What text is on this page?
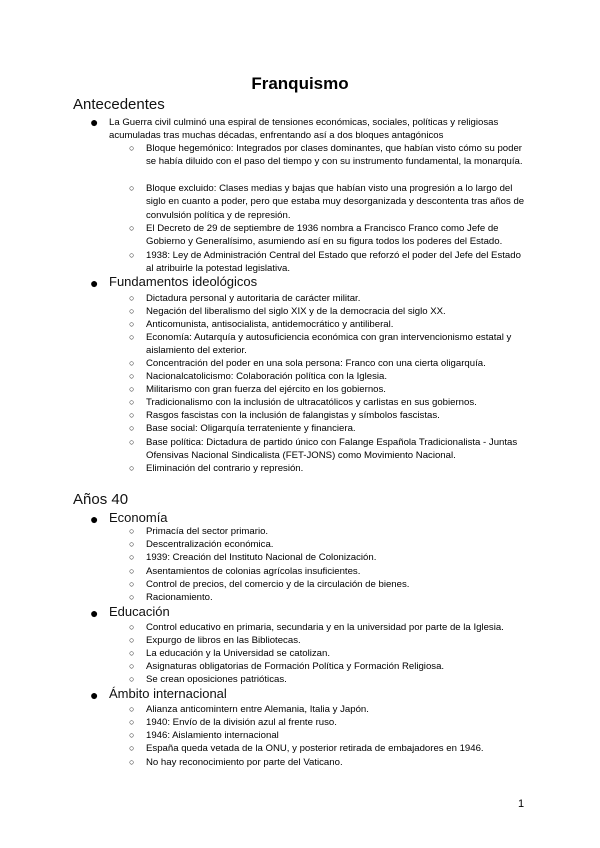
Franquismo
Antecedentes
● La Guerra civil culminó una espiral de tensiones económicas, sociales, políticas y religiosas acumuladas tras muchas décadas, enfrentando así a dos bloques antagónicos
○ Bloque hegemónico: Integrados por clases dominantes, que habían visto cómo su poder se había diluido con el paso del tiempo y con su instrumento fundamental, la monarquía.
○ Bloque excluido: Clases medias y bajas que habían visto una progresión a lo largo del siglo en cuanto a poder, pero que estaba muy desorganizada y descontenta tras años de convulsión política y de represión.
○ El Decreto de 29 de septiembre de 1936 nombra a Francisco Franco como Jefe de Gobierno y Generalísimo, asumiendo así en su figura todos los poderes del Estado.
○ 1938: Ley de Administración Central del Estado que reforzó el poder del Jefe del Estado al atribuirle la potestad legislativa.
● Fundamentos ideológicos
○ Dictadura personal y autoritaria de carácter militar.
○ Negación del liberalismo del siglo XIX y de la democracia del siglo XX.
○ Anticomunista, antisocialista, antidemocrático y antiliberal.
○ Economía: Autarquía y autosuficiencia económica con gran intervencionismo estatal y aislamiento del exterior.
○ Concentración del poder en una sola persona: Franco con una cierta oligarquía.
○ Nacionalcatolicismo: Colaboración política con la Iglesia.
○ Militarismo con gran fuerza del ejército en los gobiernos.
○ Tradicionalismo con la inclusión de ultracatólicos y carlistas en sus gobiernos.
○ Rasgos fascistas con la inclusión de falangistas y símbolos fascistas.
○ Base social: Oligarquía terrateniente y financiera.
○ Base política: Dictadura de partido único con Falange Española Tradicionalista - Juntas Ofensivas Nacional Sindicalista (FET-JONS) como Movimiento Nacional.
○ Eliminación del contrario y represión.
Años 40
● Economía
○ Primacía del sector primario.
○ Descentralización económica.
○ 1939: Creación del Instituto Nacional de Colonización.
○ Asentamientos de colonias agrícolas insuficientes.
○ Control de precios, del comercio y de la circulación de bienes.
○ Racionamiento.
● Educación
○ Control educativo en primaria, secundaria y en la universidad por parte de la Iglesia.
○ Expurgo de libros en las Bibliotecas.
○ La educación y la Universidad se catolizan.
○ Asignaturas obligatorias de Formación Política y Formación Religiosa.
○ Se crean oposiciones patrióticas.
● Ámbito internacional
○ Alianza anticomintern entre Alemania, Italia y Japón.
○ 1940: Envío de la división azul al frente ruso.
○ 1946: Aislamiento internacional
○ España queda vetada de la ONU, y posterior retirada de embajadores en 1946.
○ No hay reconocimiento por parte del Vaticano.
1
